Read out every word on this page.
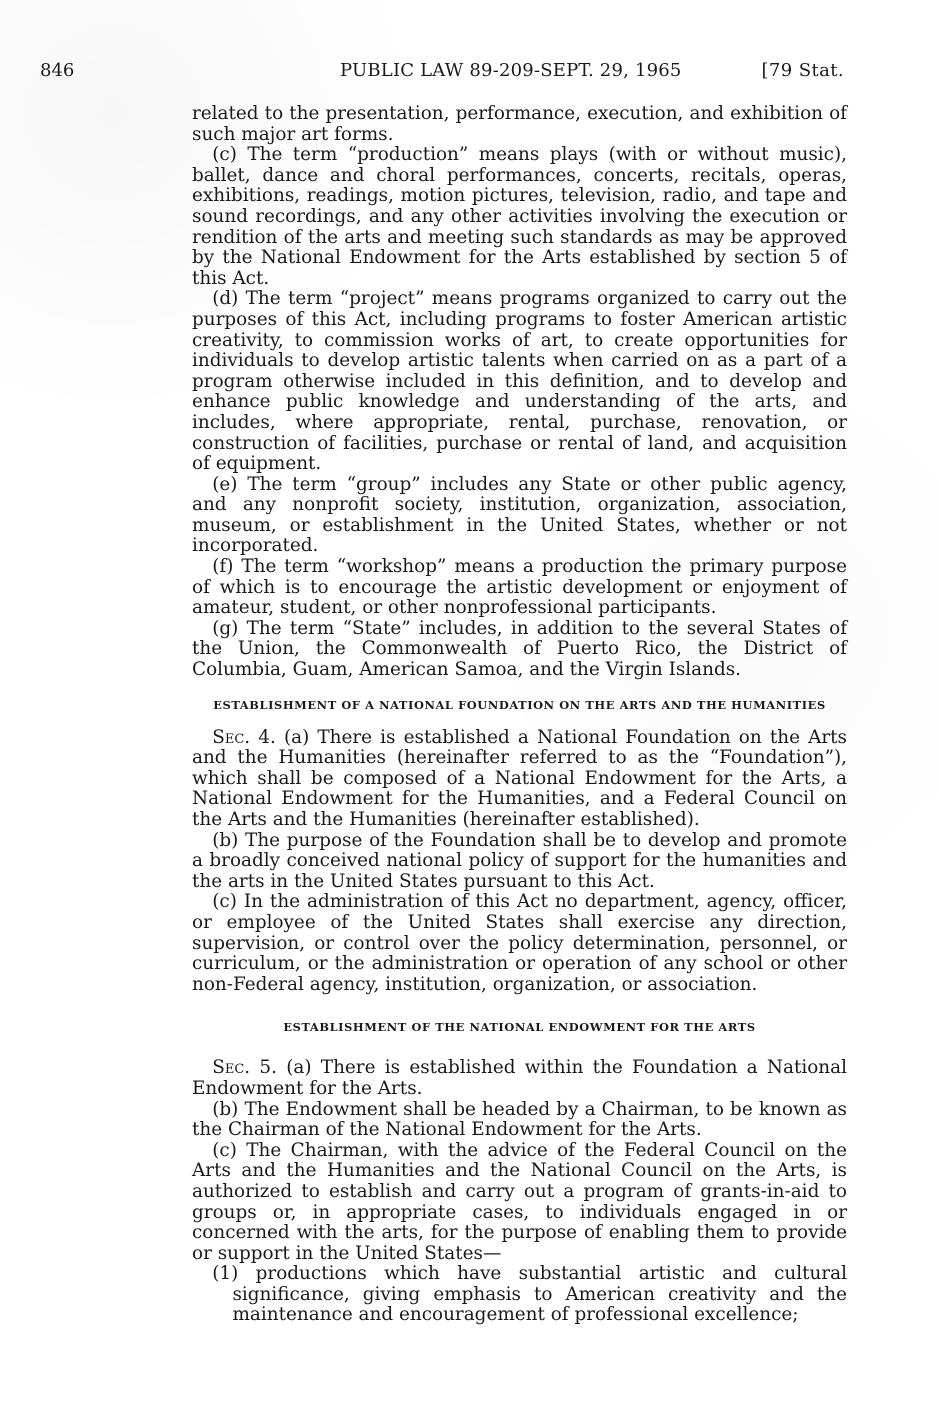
846	PUBLIC LAW 89-209-SEPT. 29, 1965	[79 Stat.

related to the presentation, performance, execution, and exhibition of such major art forms.

(c) The term “production” means plays (with or without music), ballet, dance and choral performances, concerts, recitals, operas, exhibitions, readings, motion pictures, television, radio, and tape and sound recordings, and any other activities involving the execution or rendition of the arts and meeting such standards as may be approved by the National Endowment for the Arts established by section 5 of this Act.

(d) The term “project” means programs organized to carry out the purposes of this Act, including programs to foster American artistic creativity, to commission works of art, to create opportunities for individuals to develop artistic talents when carried on as a part of a program otherwise included in this definition, and to develop and enhance public knowledge and understanding of the arts, and includes, where appropriate, rental, purchase, renovation, or construction of facilities, purchase or rental of land, and acquisition of equipment.

(e) The term “group” includes any State or other public agency, and any nonprofit society, institution, organization, association, museum, or establishment in the United States, whether or not incorporated.

(f) The term “workshop” means a production the primary purpose of which is to encourage the artistic development or enjoyment of amateur, student, or other nonprofessional participants.

(g) The term “State” includes, in addition to the several States of the Union, the Commonwealth of Puerto Rico, the District of Columbia, Guam, American Samoa, and the Virgin Islands.

ESTABLISHMENT OF A NATIONAL FOUNDATION ON THE ARTS AND THE HUMANITIES

Sec. 4. (a) There is established a National Foundation on the Arts and the Humanities (hereinafter referred to as the “Foundation”), which shall be composed of a National Endowment for the Arts, a National Endowment for the Humanities, and a Federal Council on the Arts and the Humanities (hereinafter established).

(b) The purpose of the Foundation shall be to develop and promote a broadly conceived national policy of support for the humanities and the arts in the United States pursuant to this Act.

(c) In the administration of this Act no department, agency, officer, or employee of the United States shall exercise any direction, supervision, or control over the policy determination, personnel, or curriculum, or the administration or operation of any school or other non-Federal agency, institution, organization, or association.

ESTABLISHMENT OF THE NATIONAL ENDOWMENT FOR THE ARTS

Sec. 5. (a) There is established within the Foundation a National Endowment for the Arts.

(b) The Endowment shall be headed by a Chairman, to be known as the Chairman of the National Endowment for the Arts.

(c) The Chairman, with the advice of the Federal Council on the Arts and the Humanities and the National Council on the Arts, is authorized to establish and carry out a program of grants-in-aid to groups or, in appropriate cases, to individuals engaged in or concerned with the arts, for the purpose of enabling them to provide or support in the United States—

(1) productions which have substantial artistic and cultural significance, giving emphasis to American creativity and the maintenance and encouragement of professional excellence;
